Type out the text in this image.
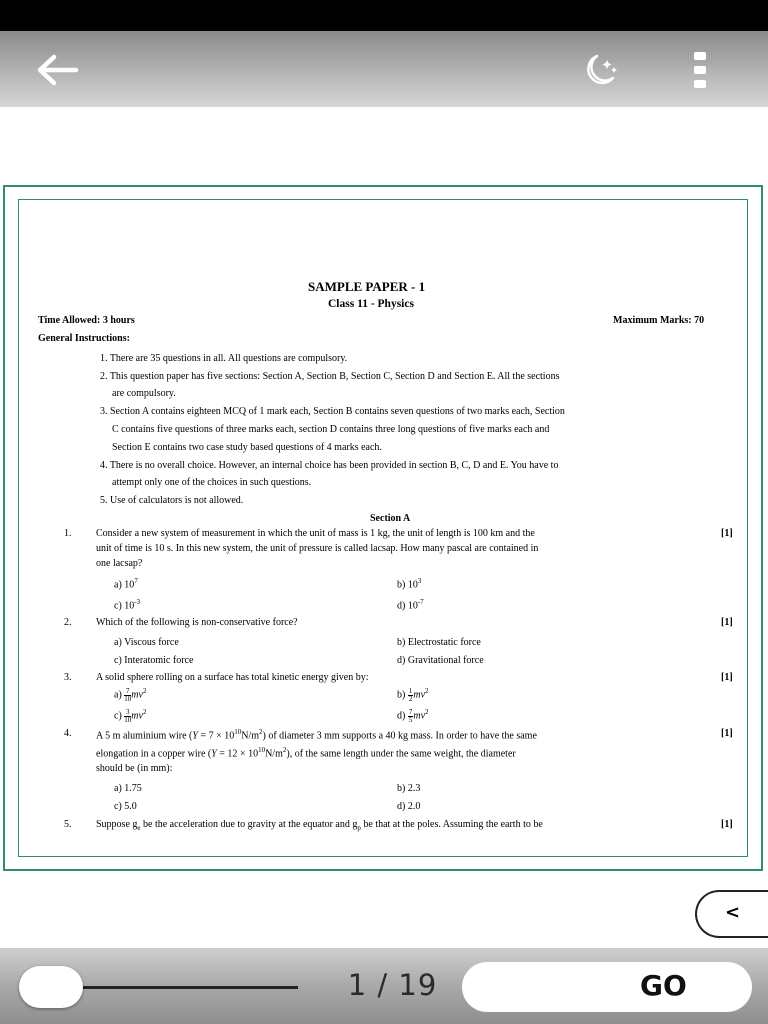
SAMPLE PAPER - 1
Class 11 - Physics
Time Allowed: 3 hours	Maximum Marks: 70
General Instructions:
1. There are 35 questions in all. All questions are compulsory.
2. This question paper has five sections: Section A, Section B, Section C, Section D and Section E. All the sections
are compulsory.
3. Section A contains eighteen MCQ of 1 mark each, Section B contains seven questions of two marks each, Section
C contains five questions of three marks each, section D contains three long questions of five marks each and
Section E contains two case study based questions of 4 marks each.
4. There is no overall choice. However, an internal choice has been provided in section B, C, D and E. You have to
attempt only one of the choices in such questions.
5. Use of calculators is not allowed.
Section A
1. Consider a new system of measurement in which the unit of mass is 1 kg, the unit of length is 100 km and the	[1]
unit of time is 10 s. In this new system, the unit of pressure is called lacsap. How many pascal are contained in
one lacsap?
a) $10^7$	b) $10^3$
c) $10^{-3}$	d) $10^{-7}$
2. Which of the following is non-conservative force?	[1]
a) Viscous force	b) Electrostatic force
c) Interatomic force	d) Gravitational force
3. A solid sphere rolling on a surface has total kinetic energy given by:	[1]
$a) \frac{7}{10} mv^2$	$b) \frac{1}{2} mv^2$
$c) \frac{3}{10} mv^2$	$d) \frac{7}{5} mv^2$
4. A 5 m aluminium wire $(Y = 7 \times 10^{10}N/m^2)$ of diameter 3 mm supports a 40 kg mass. In order to have the same	[1]
elongation in a copper wire $(Y = 12 \times 10^{10}N/m^2)$, of the same length under the same weight, the diameter
should be (in mm):
a) 1.75	b) 2.3
c) 5.0	d) 2.0
5. Suppose $g_e$ be the acceleration due to gravity at the equator and $g_p$ be that at the poles. Assuming the earth to be	[1]
<
1 / 19	GO
